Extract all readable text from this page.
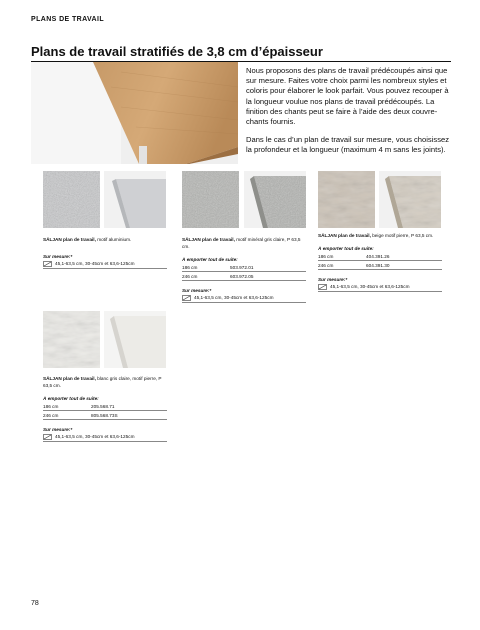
PLANS DE TRAVAIL
Plans de travail stratifiés de 3,8 cm d’épaisseur

Nous proposons des plans de travail prédécoupés ainsi que sur mesure. Faites votre choix parmi les nombreux styles et coloris pour élaborer le look parfait. Vous pouvez recouper à la longueur voulue nos plans de travail prédécoupés. La finition des chants peut se faire à l’aide des deux couvre-chants fournis.

Dans le cas d’un plan de travail sur mesure, vous choisissez la profondeur et la longueur (maximum 4 m sans les joints).

SÄLJAN plan de travail, motif aluminium.
Sur mesure:*
45,1-63,5 cm, 30-45cm et 63,6-125cm
SÄLJAN plan de travail, motif minéral gris claire, P 63,5 cm.
À emporter tout de suite:
186 cm	503.972.01
246 cm	603.972.05
Sur mesure:*
45,1-63,5 cm, 30-45cm et 63,6-125cm
SÄLJAN plan de travail, beige motif pierre, P 63,5 cm.
À emporter tout de suite:
186 cm	404.391.26
246 cm	604.391.30
Sur mesure:*
45,1-63,5 cm, 30-45cm et 63,6-125cm
SÄLJAN plan de travail, blanc gris claire, motif pierre, P 63,5 cm.
À emporter tout de suite:
186 cm	205.568.71
246 cm	805.568.73S
Sur mesure:*
45,1-63,5 cm, 30-45cm et 63,6-125cm
78
